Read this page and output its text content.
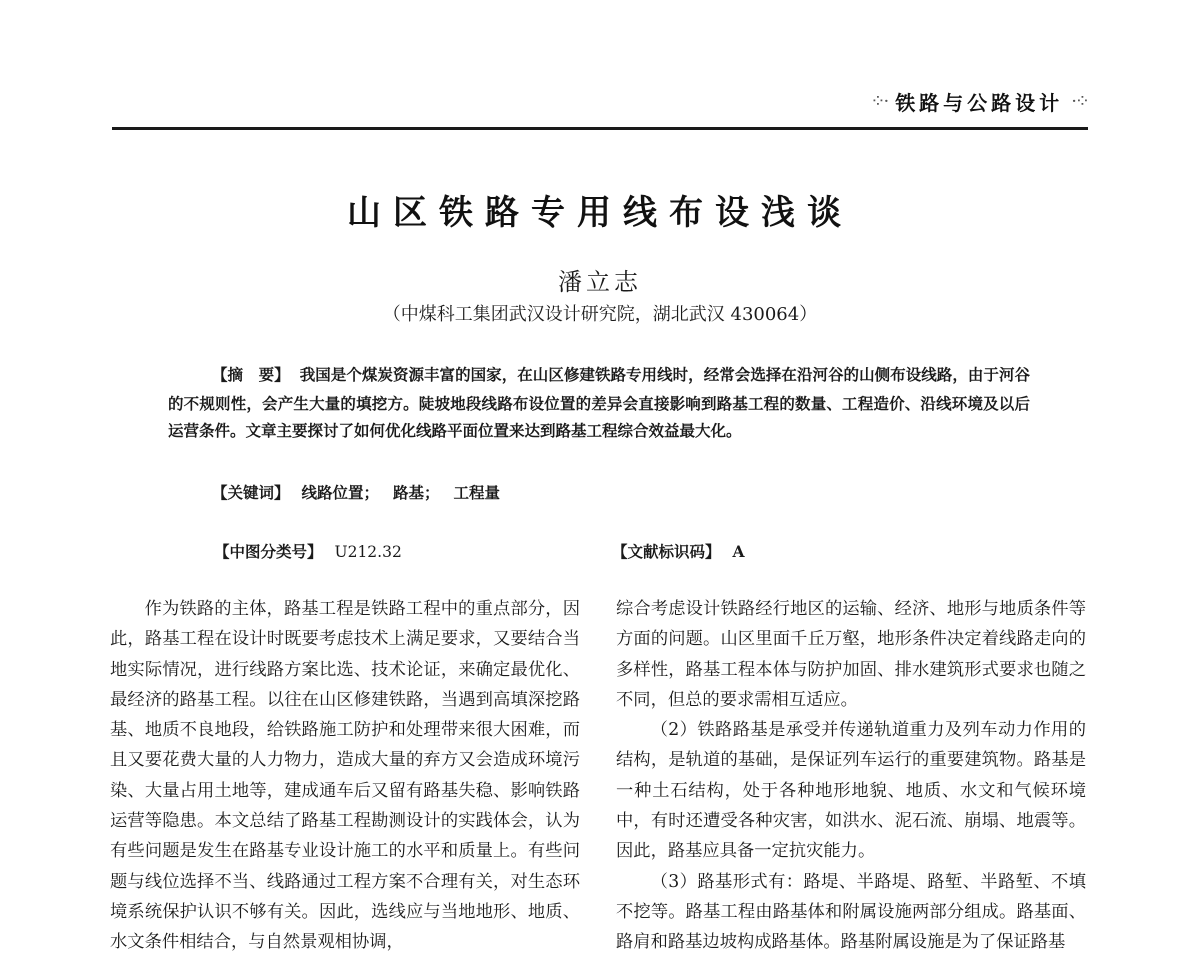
⁘· 铁路与公路设计 ·⁘
山区铁路专用线布设浅谈
潘立志
（中煤科工集团武汉设计研究院，湖北武汉 430064）
【摘　要】 我国是个煤炭资源丰富的国家，在山区修建铁路专用线时，经常会选择在沿河谷的山侧布设线路，由于河谷的不规则性，会产生大量的填挖方。陡坡地段线路布设位置的差异会直接影响到路基工程的数量、工程造价、沿线环境及以后运营条件。文章主要探讨了如何优化线路平面位置来达到路基工程综合效益最大化。
【关键词】 线路位置； 路基； 工程量
【中图分类号】 U212.32	【文献标识码】 A

作为铁路的主体，路基工程是铁路工程中的重点部分，因此，路基工程在设计时既要考虑技术上满足要求，又要结合当地实际情况，进行线路方案比选、技术论证，来确定最优化、最经济的路基工程。以往在山区修建铁路，当遇到高填深挖路基、地质不良地段，给铁路施工防护和处理带来很大困难，而且又要花费大量的人力物力，造成大量的弃方又会造成环境污染、大量占用土地等，建成通车后又留有路基失稳、影响铁路运营等隐患。本文总结了路基工程勘测设计的实践体会，认为有些问题是发生在路基专业设计施工的水平和质量上。有些问题与线位选择不当、线路通过工程方案不合理有关，对生态环境系统保护认识不够有关。因此，选线应与当地地形、地质、水文条件相结合，与自然景观相协调，

综合考虑设计铁路经行地区的运输、经济、地形与地质条件等方面的问题。山区里面千丘万壑，地形条件决定着线路走向的多样性，路基工程本体与防护加固、排水建筑形式要求也随之不同，但总的要求需相互适应。

（2）铁路路基是承受并传递轨道重力及列车动力作用的结构，是轨道的基础，是保证列车运行的重要建筑物。路基是一种土石结构，处于各种地形地貌、地质、水文和气候环境中，有时还遭受各种灾害，如洪水、泥石流、崩塌、地震等。因此，路基应具备一定抗灾能力。

（3）路基形式有：路堤、半路堤、路堑、半路堑、不填不挖等。路基工程由路基体和附属设施两部分组成。路基面、路肩和路基边坡构成路基体。路基附属设施是为了保证路基
